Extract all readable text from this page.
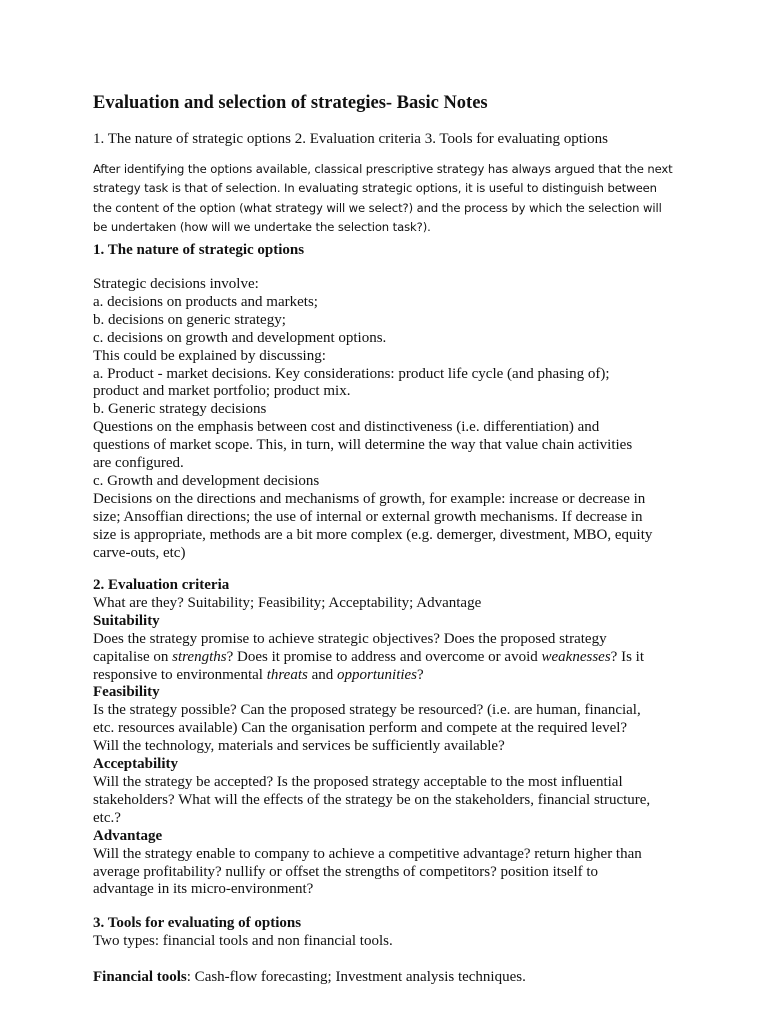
Evaluation and selection of strategies- Basic Notes

1. The nature of strategic options 2. Evaluation criteria 3. Tools for evaluating options

After identifying the options available, classical prescriptive strategy has always argued that the next strategy task is that of selection. In evaluating strategic options, it is useful to distinguish between the content of the option (what strategy will we select?) and the process by which the selection will be undertaken (how will we undertake the selection task?).

1. The nature of strategic options

Strategic decisions involve:

a. decisions on products and markets;

b. decisions on generic strategy;

c. decisions on growth and development options.

This could be explained by discussing:

a. Product - market decisions. Key considerations: product life cycle (and phasing of);

product and market portfolio; product mix.

b. Generic strategy decisions

Questions on the emphasis between cost and distinctiveness (i.e. differentiation) and

questions of market scope. This, in turn, will determine the way that value chain activities

are configured.

c. Growth and development decisions

Decisions on the directions and mechanisms of growth, for example: increase or decrease in

size; Ansoffian directions; the use of internal or external growth mechanisms. If decrease in

size is appropriate, methods are a bit more complex (e.g. demerger, divestment, MBO, equity

carve-outs, etc)

2. Evaluation criteria

What are they? Suitability; Feasibility; Acceptability; Advantage

Suitability

Does the strategy promise to achieve strategic objectives? Does the proposed strategy

capitalise on strengths? Does it promise to address and overcome or avoid weaknesses? Is it

responsive to environmental threats and opportunities?

Feasibility

Is the strategy possible? Can the proposed strategy be resourced? (i.e. are human, financial,

etc. resources available) Can the organisation perform and compete at the required level?

Will the technology, materials and services be sufficiently available?

Acceptability

Will the strategy be accepted? Is the proposed strategy acceptable to the most influential

stakeholders? What will the effects of the strategy be on the stakeholders, financial structure,

etc.?

Advantage

Will the strategy enable to company to achieve a competitive advantage? return higher than

average profitability? nullify or offset the strengths of competitors? position itself to

advantage in its micro-environment?

3. Tools for evaluating of options

Two types: financial tools and non financial tools.

Financial tools: Cash-flow forecasting; Investment analysis techniques.
